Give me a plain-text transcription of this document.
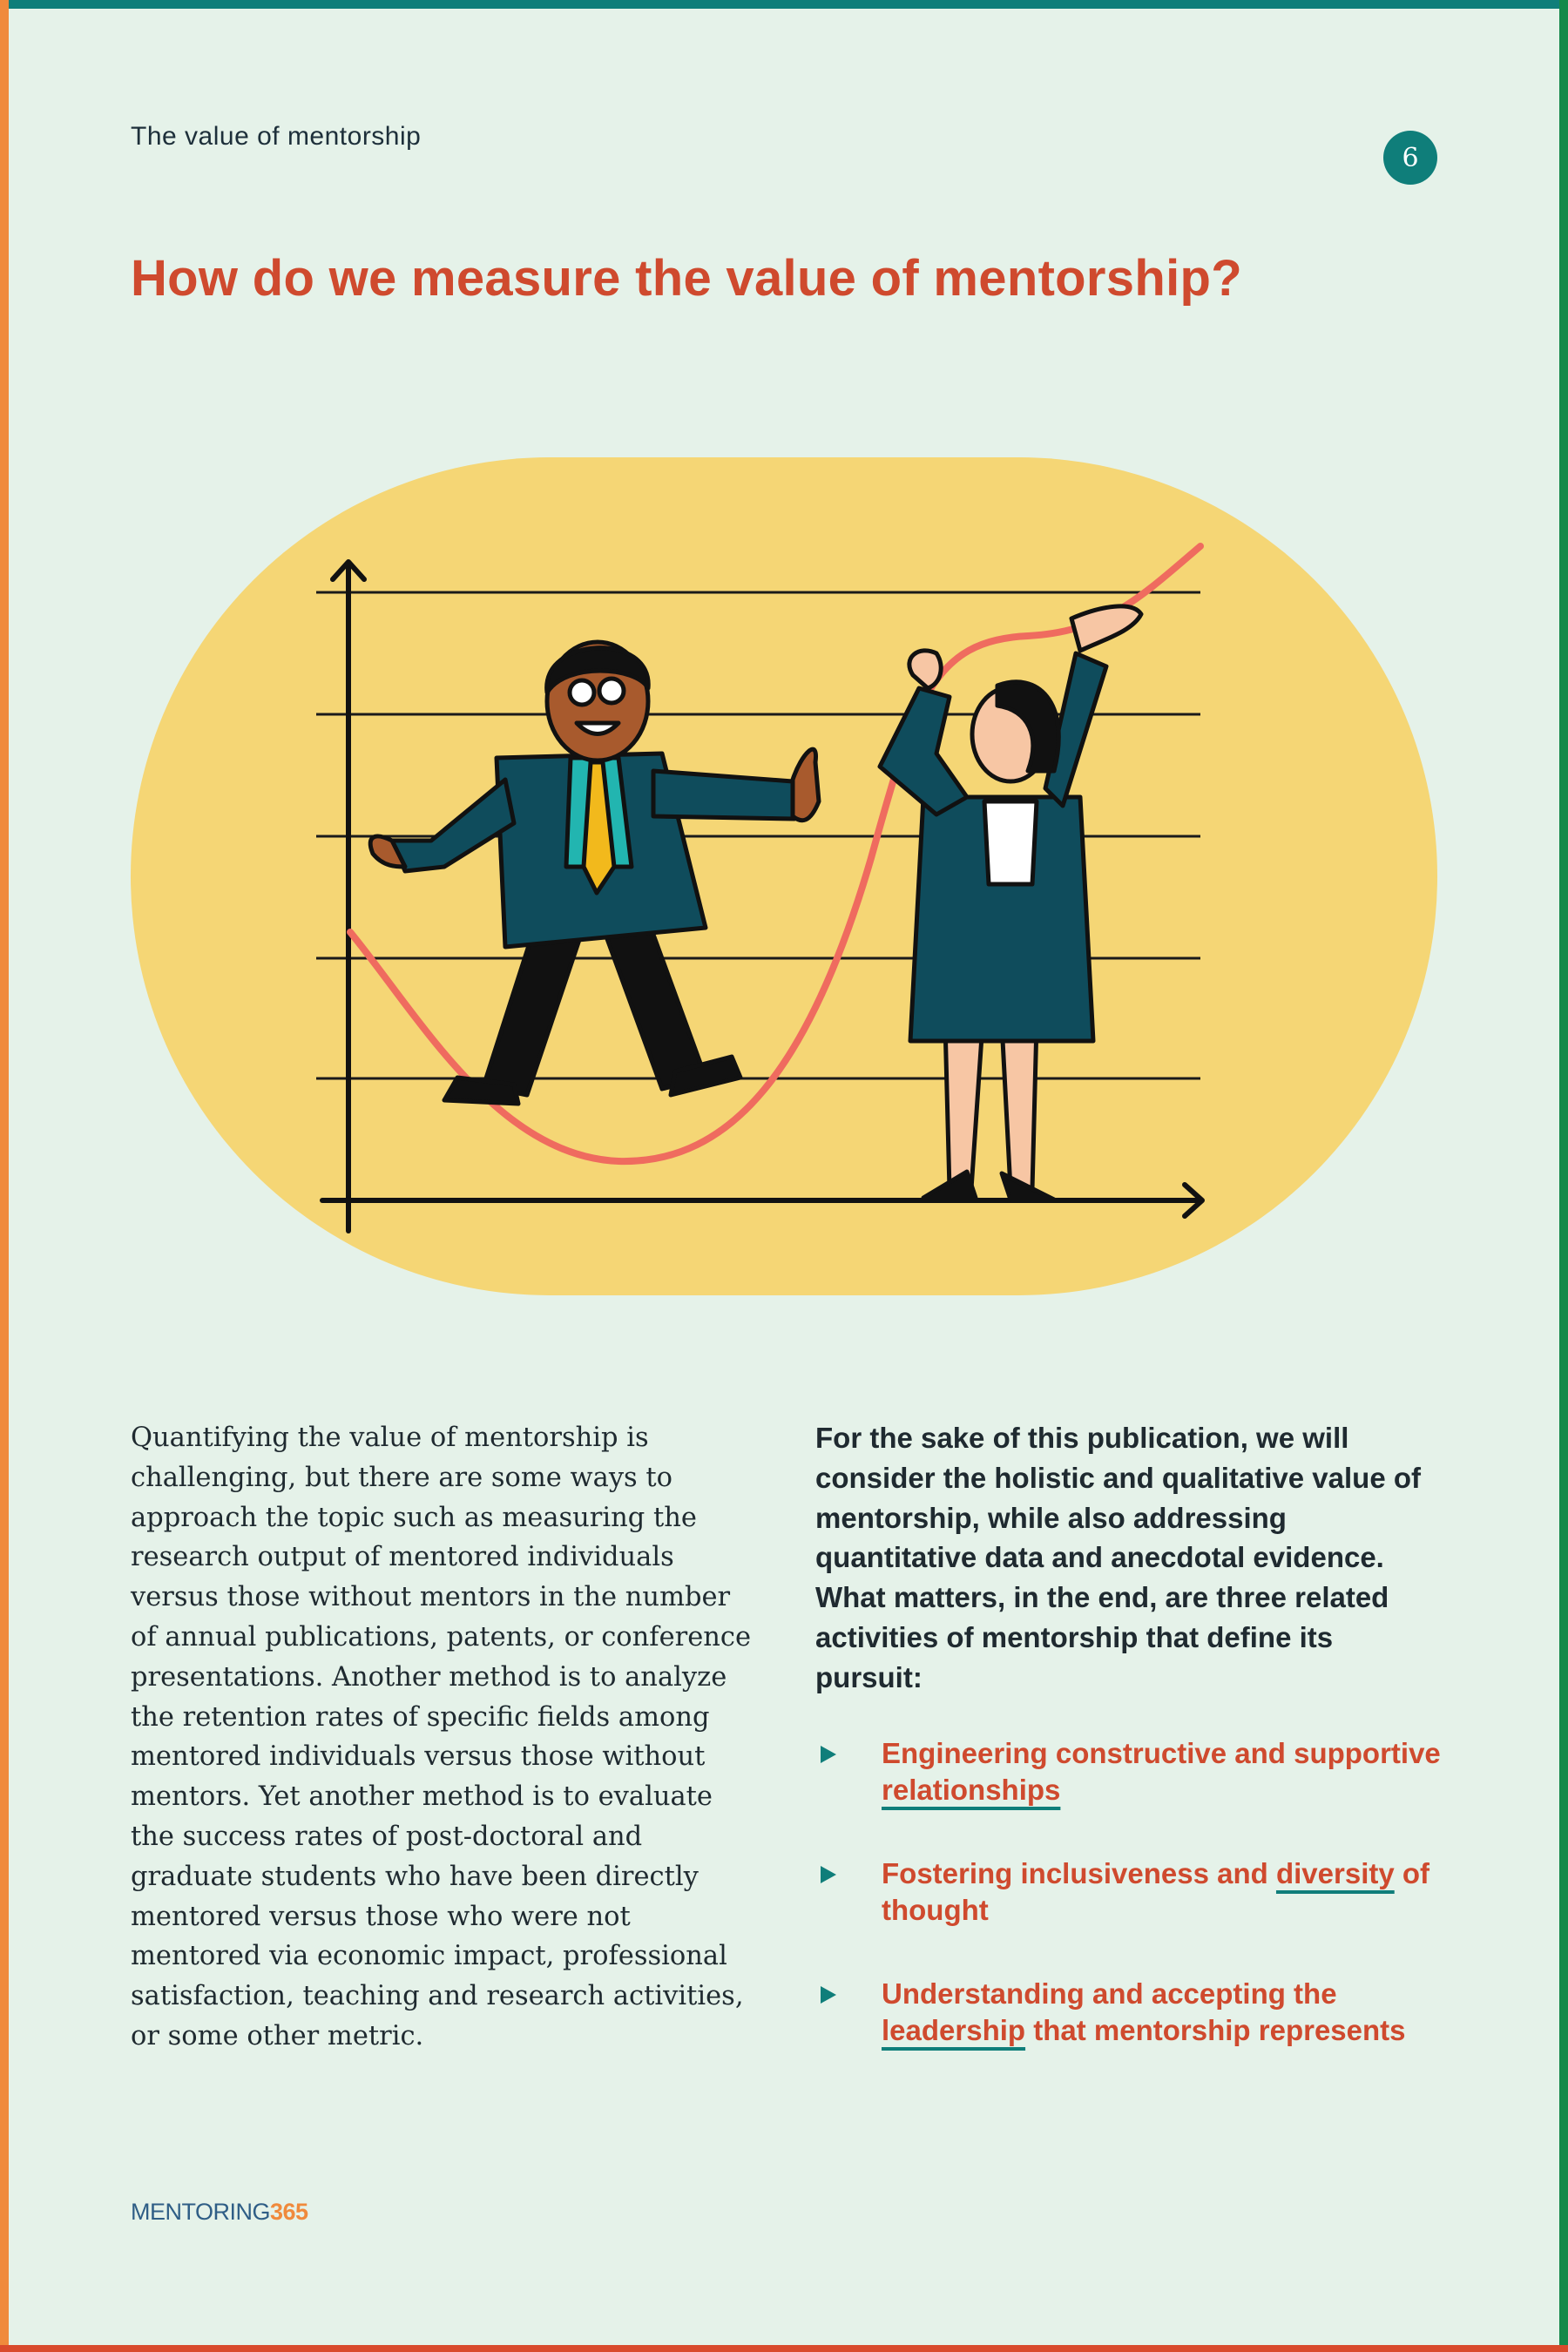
The value of mentorship
6
How do we measure the value of mentorship?

Quantifying the value of mentorship is challenging, but there are some ways to approach the topic such as measuring the research output of mentored individuals versus those without mentors in the number of annual publications, patents, or conference presentations. Another method is to analyze the retention rates of specific fields among mentored individuals versus those without mentors. Yet another method is to evaluate the success rates of post-doctoral and graduate students who have been directly mentored versus those who were not mentored via economic impact, professional satisfaction, teaching and research activities, or some other metric.

For the sake of this publication, we will consider the holistic and qualitative value of mentorship, while also addressing quantitative data and anecdotal evidence. What matters, in the end, are three related activities of mentorship that define its pursuit:

Engineering constructive and supportive relationships
Fostering inclusiveness and diversity of thought
Understanding and accepting the leadership that mentorship represents
MENTORING365
